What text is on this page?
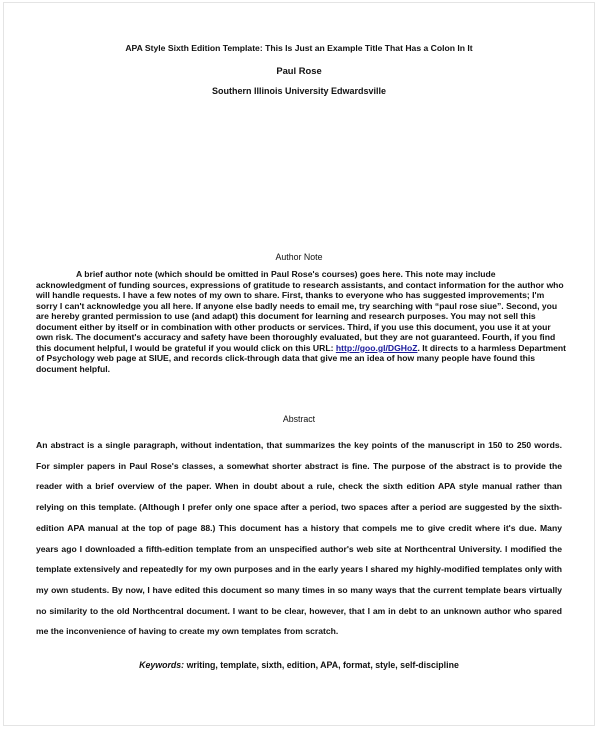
APA Style Sixth Edition Template: This Is Just an Example Title That Has a Colon In It
Paul Rose
Southern Illinois University Edwardsville
Author Note

A brief author note (which should be omitted in Paul Rose's courses) goes here. This note may include acknowledgment of funding sources, expressions of gratitude to research assistants, and contact information for the author who will handle requests. I have a few notes of my own to share. First, thanks to everyone who has suggested improvements; I'm sorry I can't acknowledge you all here. If anyone else badly needs to email me, try searching with “paul rose siue”. Second, you are hereby granted permission to use (and adapt) this document for learning and research purposes. You may not sell this document either by itself or in combination with other products or services. Third, if you use this document, you use it at your own risk. The document's accuracy and safety have been thoroughly evaluated, but they are not guaranteed. Fourth, if you find this document helpful, I would be grateful if you would click on this URL: http://goo.gl/DGHoZ. It directs to a harmless Department of Psychology web page at SIUE, and records click-through data that give me an idea of how many people have found this document helpful.

Abstract

An abstract is a single paragraph, without indentation, that summarizes the key points of the manuscript in 150 to 250 words. For simpler papers in Paul Rose's classes, a somewhat shorter abstract is fine. The purpose of the abstract is to provide the reader with a brief overview of the paper. When in doubt about a rule, check the sixth edition APA style manual rather than relying on this template. (Although I prefer only one space after a period, two spaces after a period are suggested by the sixth-edition APA manual at the top of page 88.) This document has a history that compels me to give credit where it's due. Many years ago I downloaded a fifth-edition template from an unspecified author's web site at Northcentral University. I modified the template extensively and repeatedly for my own purposes and in the early years I shared my highly-modified templates only with my own students. By now, I have edited this document so many times in so many ways that the current template bears virtually no similarity to the old Northcentral document. I want to be clear, however, that I am in debt to an unknown author who spared me the inconvenience of having to create my own templates from scratch.

Keywords: writing, template, sixth, edition, APA, format, style, self-discipline
